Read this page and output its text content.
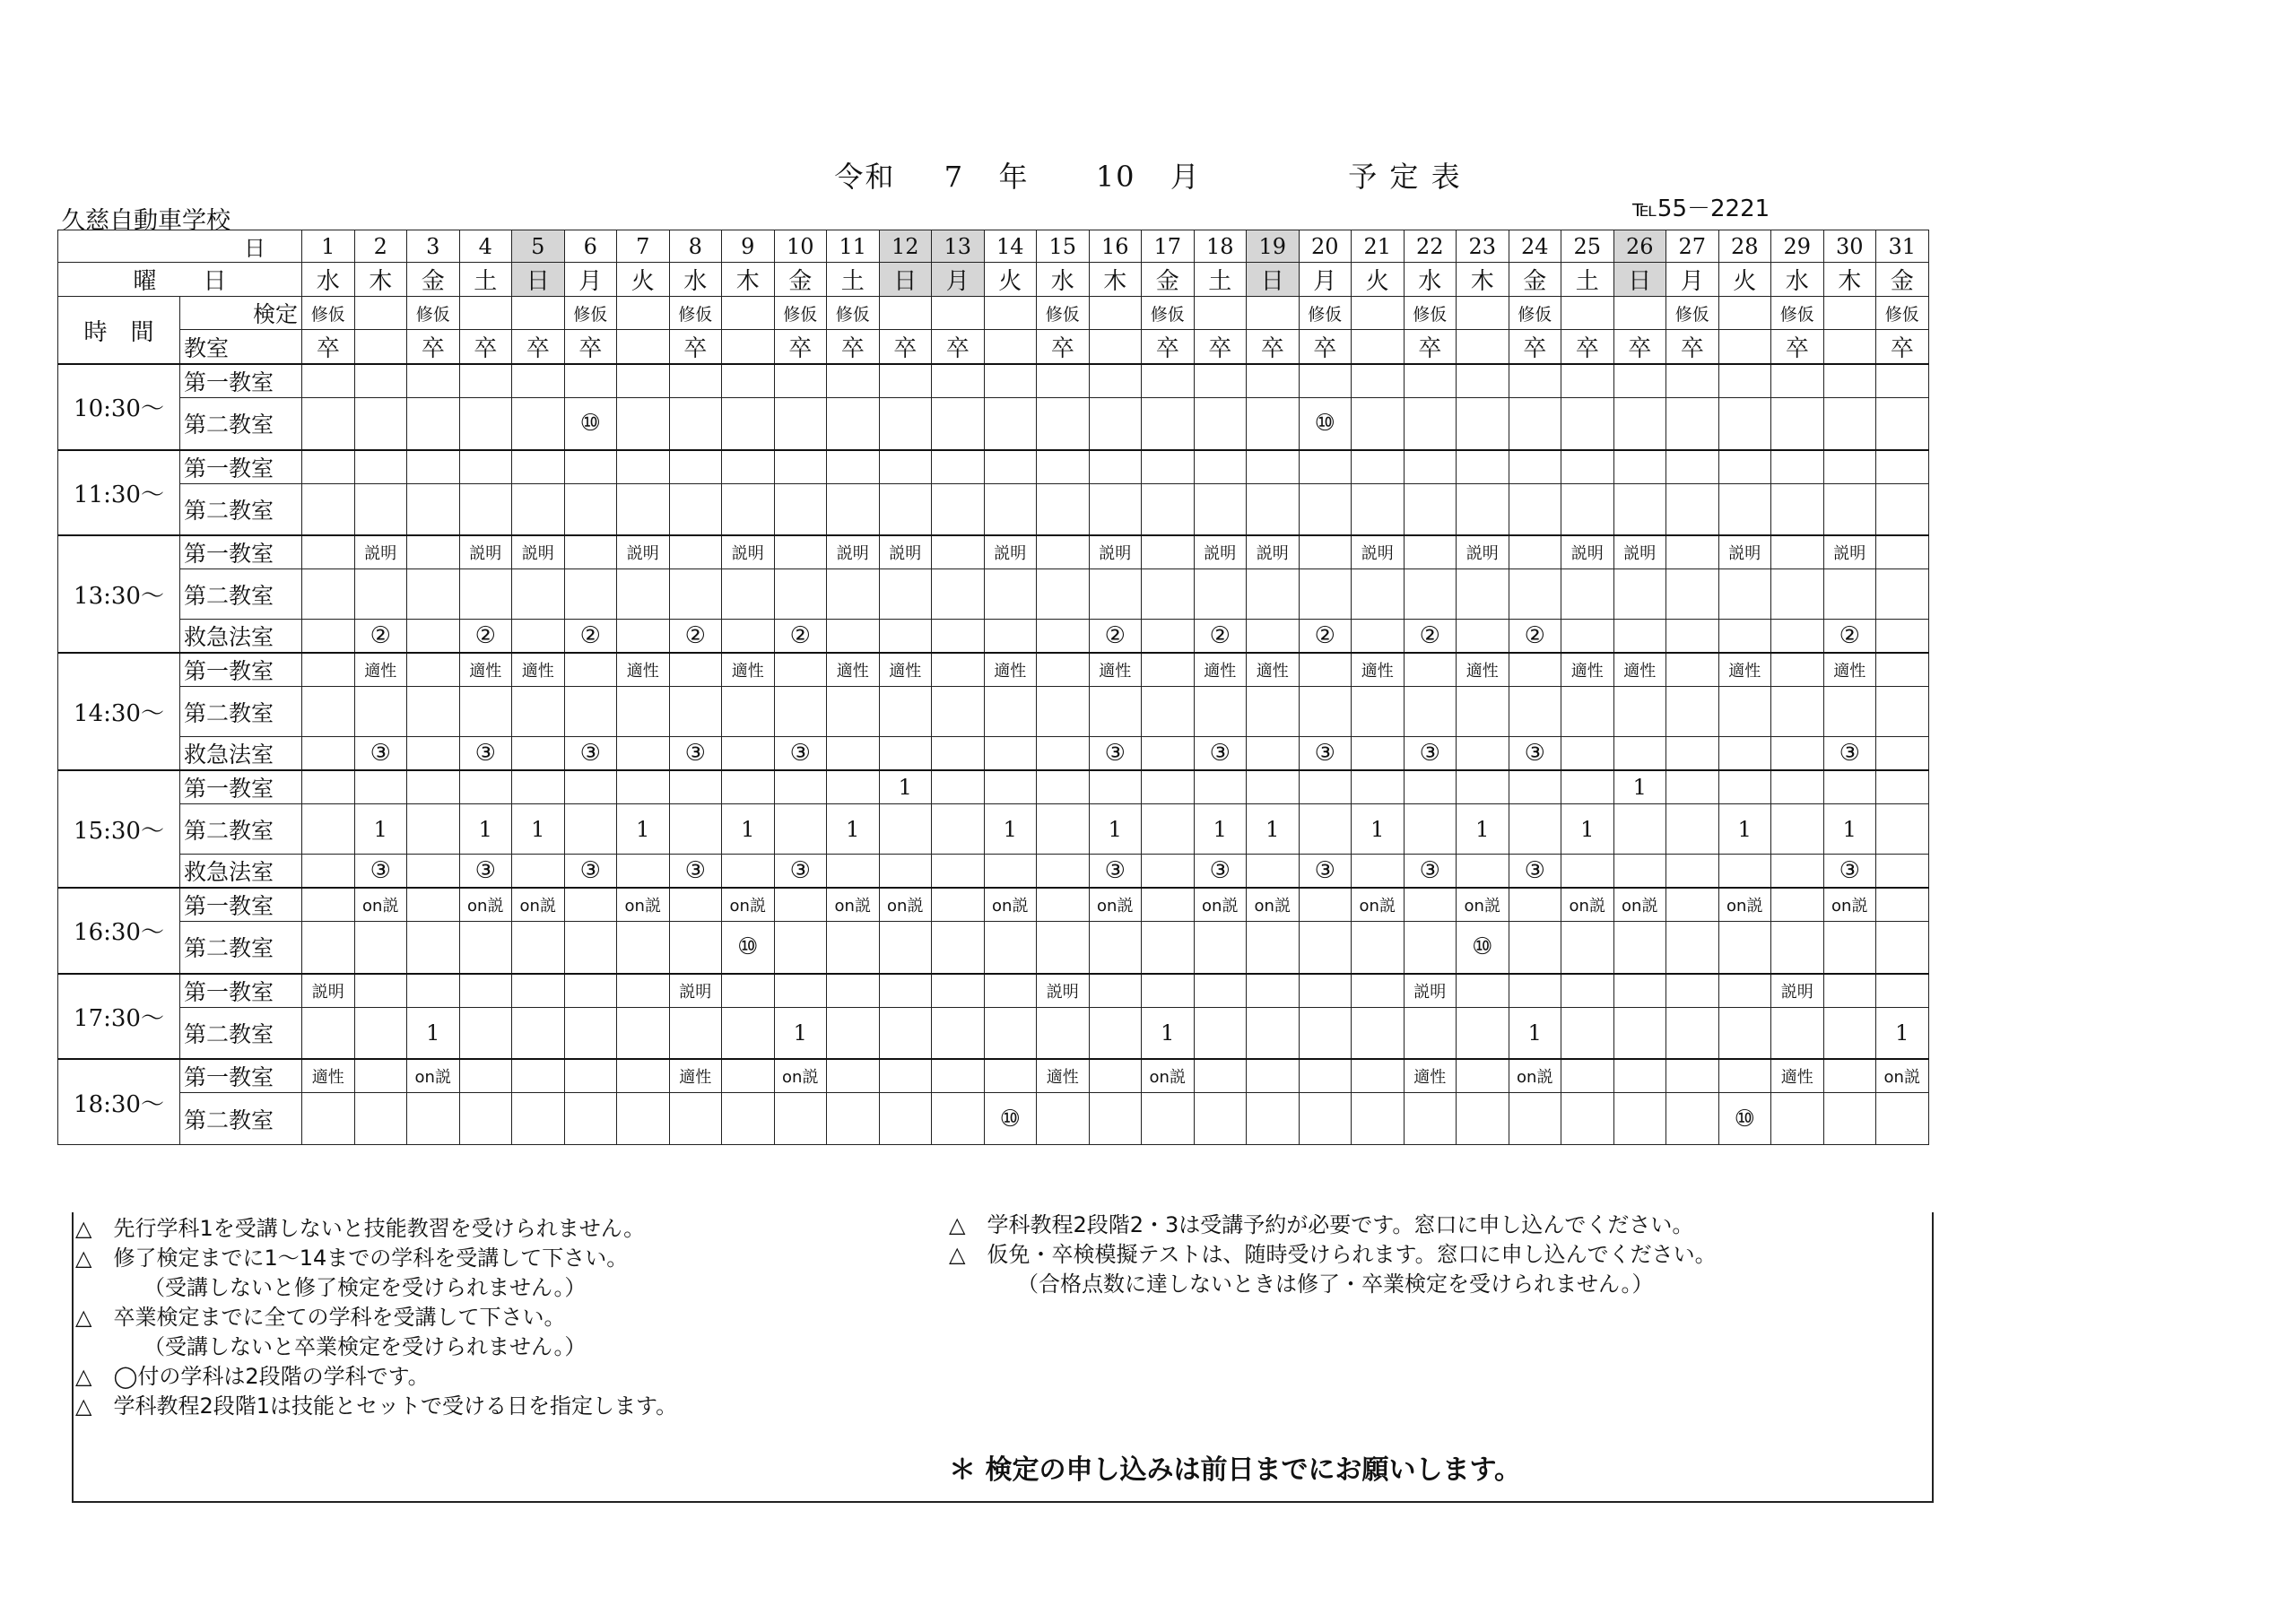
令和 7 年 10 月	予 定 表
久慈自動車学校	℡55－2221
日		1	2	3	4	5	6	7	8	9	10	11	12	13	14	15	16	17	18	19	20	21	22	23	24	25	26	27	28	29	30	31
曜　　日		水	木	金	土	日	月	火	水	木	金	土	日	月	火	水	木	金	土	日	月	火	水	木	金	土	日	月	火	水	木	金
時　間	検定	修仮		修仮			修仮		修仮		修仮	修仮				修仮		修仮			修仮		修仮		修仮			修仮		修仮		修仮
	教室	卒		卒	卒	卒	卒		卒		卒	卒	卒	卒		卒		卒	卒	卒	卒		卒		卒	卒	卒	卒		卒		卒
10:30～	第一教室																															
	第二教室						⑩														⑩											
11:30～	第一教室																															
	第二教室																															
13:30～	第一教室		説明		説明	説明		説明		説明		説明	説明		説明		説明		説明	説明		説明		説明		説明	説明		説明		説明	
	第二教室																															
	救急法室		②		②		②		②		②						②		②		②		②		②						②	
14:30～	第一教室		適性		適性	適性		適性		適性		適性	適性		適性		適性		適性	適性		適性		適性		適性	適性		適性		適性	
	第二教室																															
	救急法室		③		③		③		③		③						③		③		③		③		③						③	
15:30～	第一教室												1														1					
	第二教室		1		1	1		1		1		1			1		1		1	1		1		1		1			1		1	
	救急法室		③		③		③		③		③						③		③		③		③		③						③	
16:30～	第一教室		on説		on説	on説		on説		on説		on説	on説		on説		on説		on説	on説		on説		on説		on説	on説		on説		on説	
	第二教室									⑩														⑩								
17:30～	第一教室	説明							説明							説明							説明							説明		
	第二教室			1							1							1							1							1
18:30～	第一教室	適性		on説					適性		on説					適性		on説					適性		on説					適性		on説
	第二教室														⑩														⑩			
△　先行学科1を受講しないと技能教習を受けられません。
△　修了検定までに1～14までの学科を受講して下さい。
（受講しないと修了検定を受けられません。）
△　卒業検定までに全ての学科を受講して下さい。
（受講しないと卒業検定を受けられません。）
△　◯付の学科は2段階の学科です。
△　学科教程2段階1は技能とセットで受ける日を指定します。
△　学科教程2段階2・3は受講予約が必要です。窓口に申し込んでください。
△　仮免・卒検模擬テストは、随時受けられます。窓口に申し込んでください。
（合格点数に達しないときは修了・卒業検定を受けられません。）
＊ 検定の申し込みは前日までにお願いします。
